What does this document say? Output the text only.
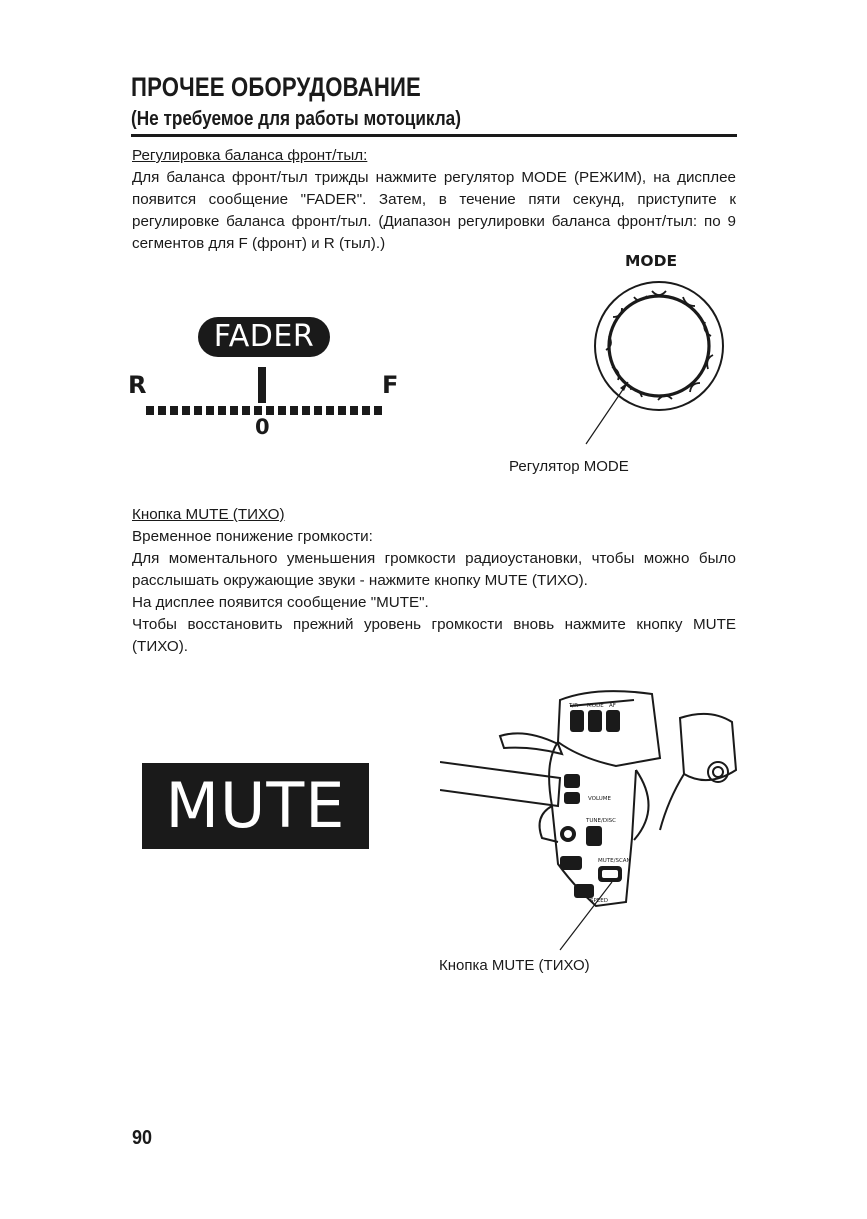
ПРОЧЕЕ ОБОРУДОВАНИЕ
(Не требуемое для работы мотоцикла)

Регулировка баланса фронт/тыл:

Для баланса фронт/тыл трижды нажмите регулятор MODE (РЕЖИМ), на дисплее появится сообщение "FADER". Затем, в течение пяти секунд, приступите к регулировке баланса фронт/тыл. (Диапазон регулировки баланса фронт/тыл: по 9 сегментов для F (фронт) и R (тыл).)

FADER
R	F
0
MODE
Регулятор MODE

Кнопка MUTE (ТИХО)

Временное понижение громкости:

Для моментального уменьшения громкости радиоустановки, чтобы можно было расслышать окружающие звуки - нажмите кнопку MUTE (ТИХО).

На дисплее появится сообщение "MUTE".

Чтобы восстановить прежний уровень громкости вновь нажмите кнопку MUTE (ТИХО).

MUTE
T/R MODE AF
VOLUME
TUNE/DISC
MUTE/SCAN
SPEED
Кнопка MUTE (ТИХО)
90
